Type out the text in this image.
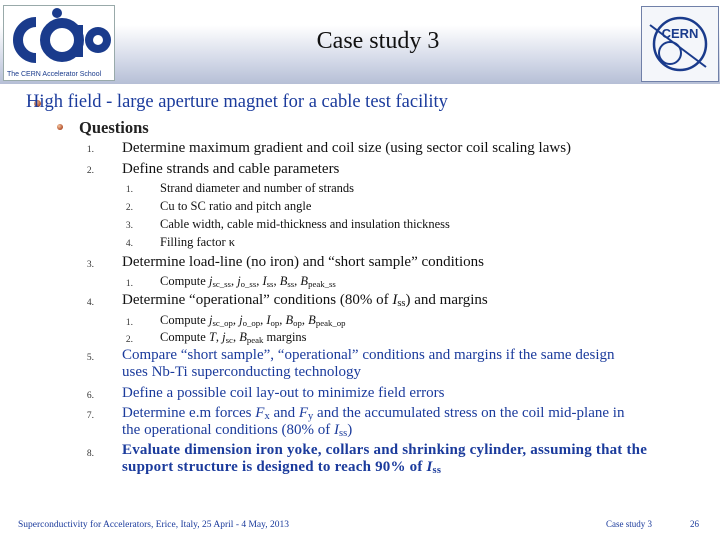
The CERN Accelerator School
Case study 3	CERN
High field - large aperture magnet for a cable test facility
Questions
1. Determine maximum gradient and coil size (using sector coil scaling laws)
2. Define strands and cable parameters
1. Strand diameter and number of strands
2. Cu to SC ratio and pitch angle
3. Cable width, cable mid-thickness and insulation thickness
4. Filling factor κ
3. Determine load-line (no iron) and “short sample” conditions
1. Compute $j_{sc\_ss}$, $j_{o\_ss}$, $I_{ss}$, $B_{ss}$, $B_{peak\_ss}$
4. Determine “operational” conditions (80% of $I_{ss}$) and margins
1. Compute $j_{sc\_op}$, $j_{o\_op}$, $I_{op}$, $B_{op}$, $B_{peak\_op}$
2. Compute T, $j_{sc}$, $B_{peak}$ margins
5. Compare “short sample”, “operational” conditions and margins if the same design
uses Nb-Ti superconducting technology
6. Define a possible coil lay-out to minimize field errors
7. Determine e.m forces $F_x$ and $F_y$ and the accumulated stress on the coil mid-plane in
the operational conditions (80% of $I_{ss}$)
8. Evaluate dimension iron yoke, collars and shrinking cylinder, assuming that the
support structure is designed to reach 90% of $I_{ss}$
Superconductivity for Accelerators, Erice, Italy, 25 April - 4 May, 2013	Case study 3	26
